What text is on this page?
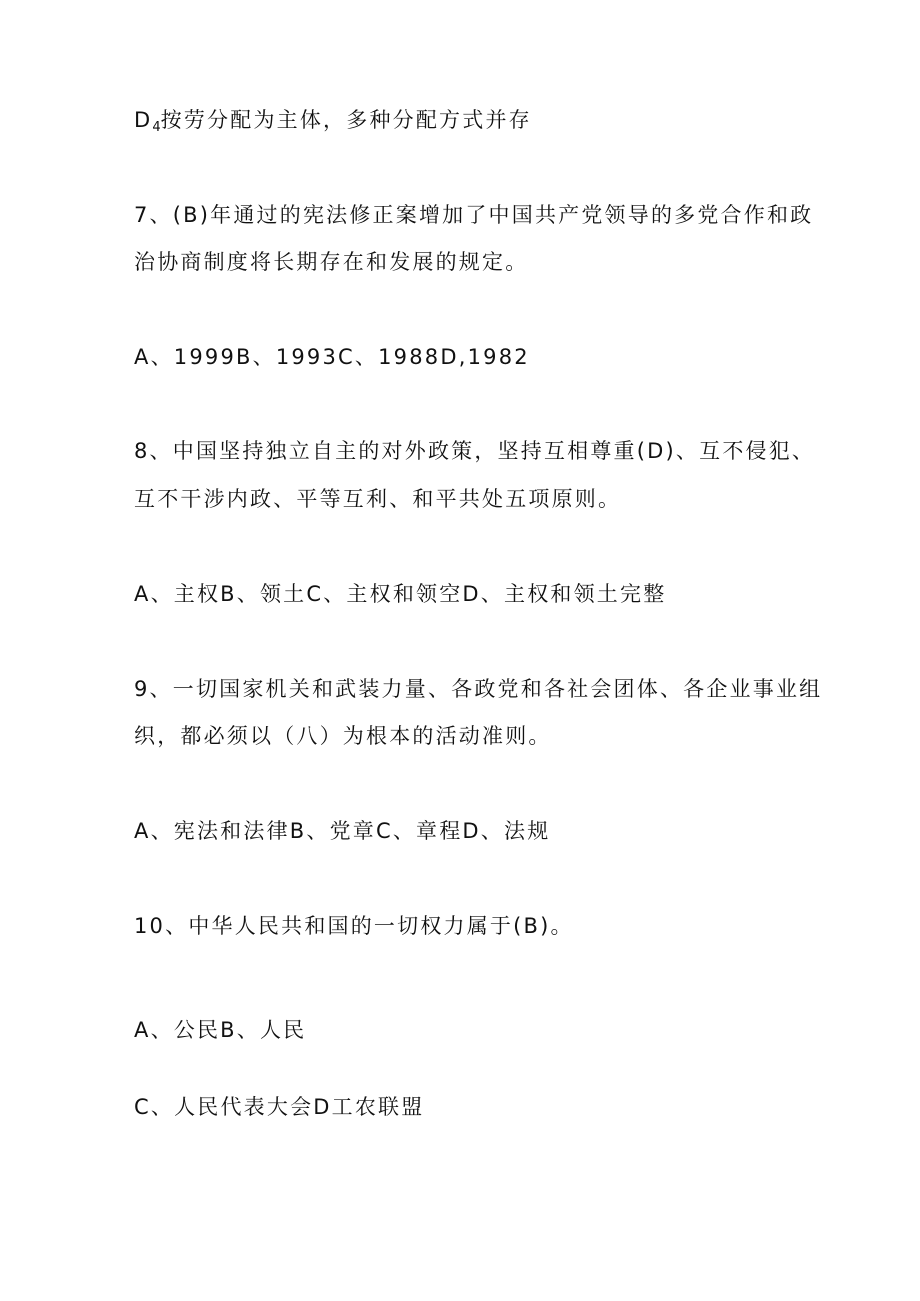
$D_4$按劳分配为主体，多种分配方式并存
7、(B)年通过的宪法修正案增加了中国共产党领导的多党合作和政
治协商制度将长期存在和发展的规定。
A、1999B、1993C、1988D,1982
8、中国坚持独立自主的对外政策，坚持互相尊重(D)、互不侵犯、
互不干涉内政、平等互利、和平共处五项原则。
A、主权B、领土C、主权和领空D、主权和领土完整
9、一切国家机关和武装力量、各政党和各社会团体、各企业事业组
织，都必须以（八）为根本的活动准则。
A、宪法和法律B、党章C、章程D、法规
10、中华人民共和国的一切权力属于(B)。
A、公民B、人民
C、人民代表大会D工农联盟
